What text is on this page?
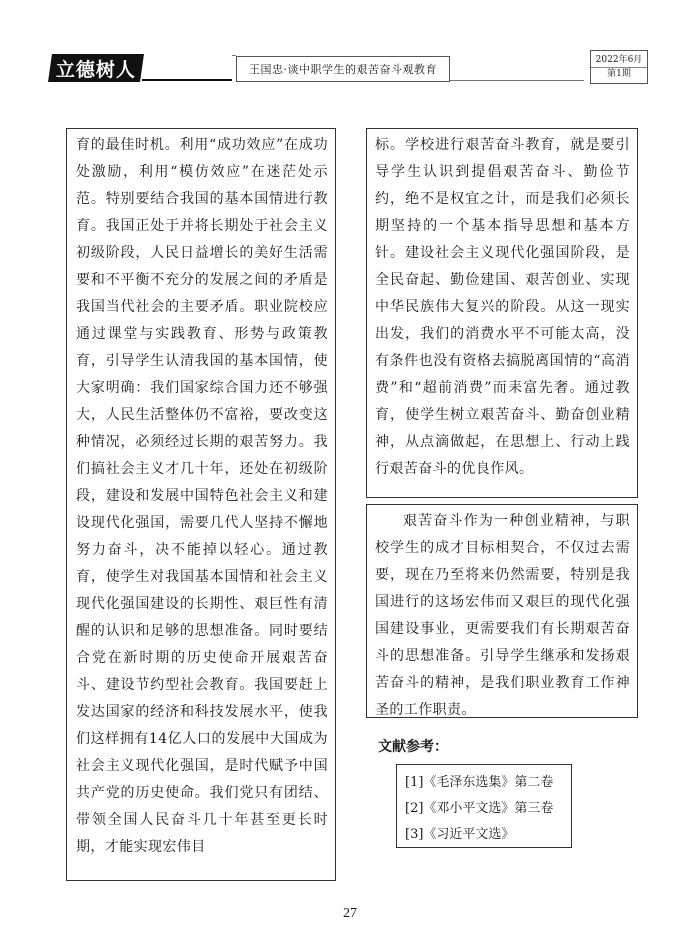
立德树人	王国忠·谈中职学生的艰苦奋斗观教育
2022年6月
第1期

育的最佳时机。利用“成功效应”在成功处激励，利用“模仿效应”在迷茫处示范。特别要结合我国的基本国情进行教育。我国正处于并将长期处于社会主义初级阶段，人民日益增长的美好生活需要和不平衡不充分的发展之间的矛盾是我国当代社会的主要矛盾。职业院校应通过课堂与实践教育、形势与政策教育，引导学生认清我国的基本国情，使大家明确：我们国家综合国力还不够强大，人民生活整体仍不富裕，要改变这种情况，必须经过长期的艰苦努力。我们搞社会主义才几十年，还处在初级阶段，建设和发展中国特色社会主义和建设现代化强国，需要几代人坚持不懈地努力奋斗，决不能掉以轻心。通过教育，使学生对我国基本国情和社会主义现代化强国建设的长期性、艰巨性有清醒的认识和足够的思想准备。同时要结合党在新时期的历史使命开展艰苦奋斗、建设节约型社会教育。我国要赶上发达国家的经济和科技发展水平，使我们这样拥有14亿人口的发展中大国成为社会主义现代化强国，是时代赋予中国共产党的历史使命。我们党只有团结、带领全国人民奋斗几十年甚至更长时期，才能实现宏伟目

标。学校进行艰苦奋斗教育，就是要引导学生认识到提倡艰苦奋斗、勤俭节约，绝不是权宜之计，而是我们必须长期坚持的一个基本指导思想和基本方针。建设社会主义现代化强国阶段，是全民奋起、勤俭建国、艰苦创业、实现中华民族伟大复兴的阶段。从这一现实出发，我们的消费水平不可能太高，没有条件也没有资格去搞脱离国情的“高消费”和“超前消费”而耒富先奢。通过教育，使学生树立艰苦奋斗、勤奋创业精神，从点滴做起，在思想上、行动上践行艰苦奋斗的优良作风。

艰苦奋斗作为一种创业精神，与职校学生的成才目标相契合，不仅过去需要，现在乃至将来仍然需要，特别是我国进行的这场宏伟而又艰巨的现代化强国建设事业，更需要我们有长期艰苦奋斗的思想准备。引导学生继承和发扬艰苦奋斗的精神，是我们职业教育工作神圣的工作职责。

文献参考：
[1]《毛泽东选集》第二卷
[2]《邓小平文选》第三卷
[3]《习近平文选》
27
